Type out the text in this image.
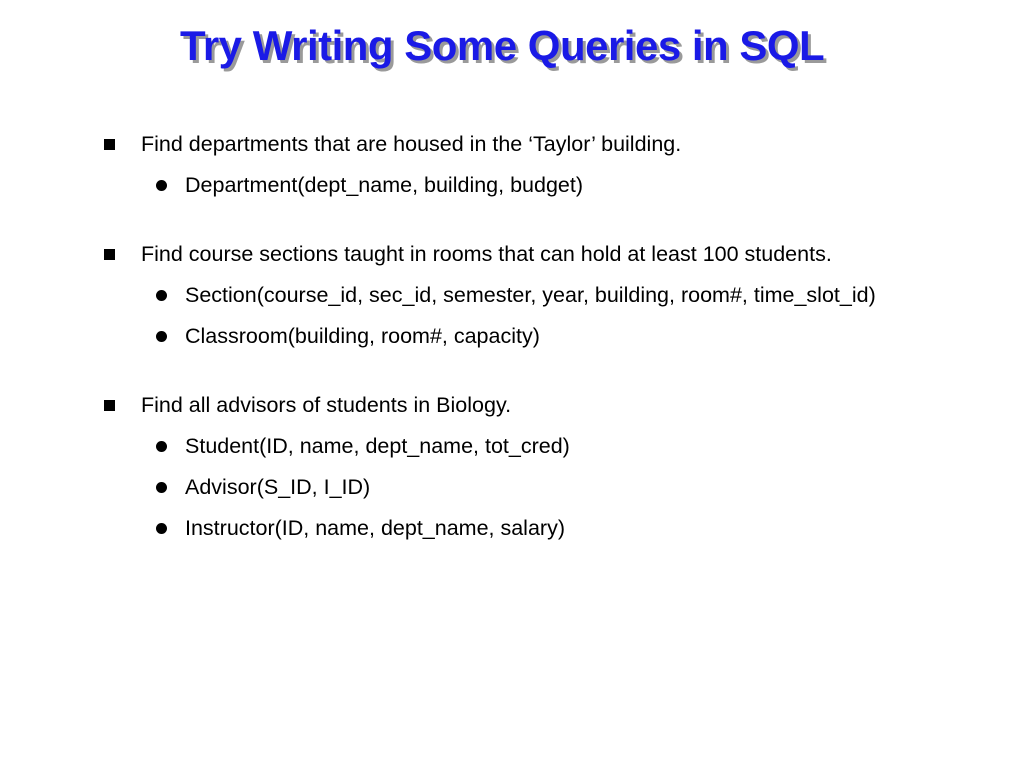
Try Writing Some Queries in SQL
Find departments that are housed in the ‘Taylor’ building.
Department(dept_name, building, budget)
Find course sections taught in rooms that can hold at least 100 students.
Section(course_id, sec_id, semester, year, building, room#, time_slot_id)
Classroom(building, room#, capacity)
Find all advisors of students in Biology.
Student(ID, name, dept_name, tot_cred)
Advisor(S_ID, I_ID)
Instructor(ID, name, dept_name, salary)
